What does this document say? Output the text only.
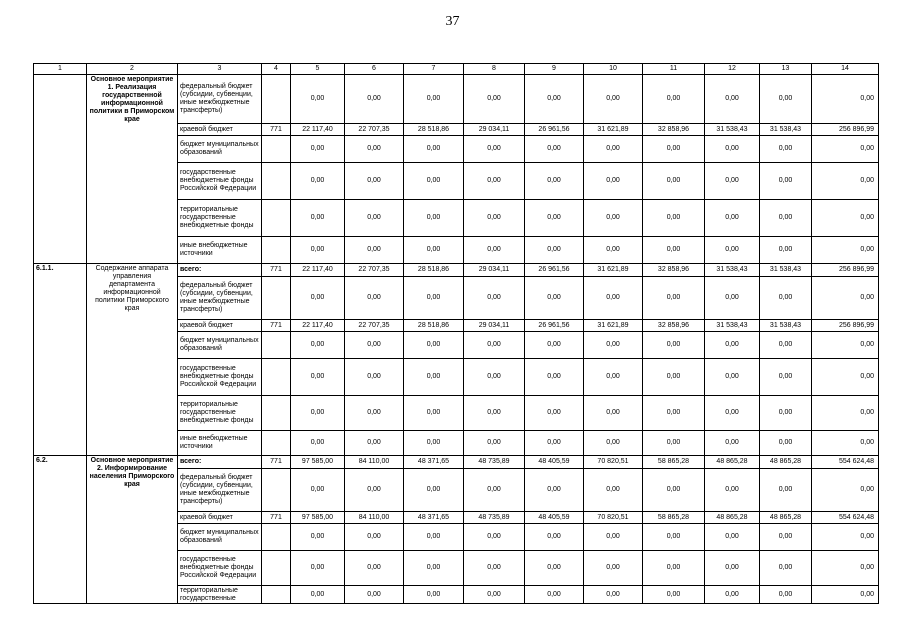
37
1	2	3	4	5	6	7	8	9	10	11	12	13	14
	Основное мероприятие 1. Реализация государственной информационной политики в Приморском крае	федеральный бюджет (субсидии, субвенции, иные межбюджетные трансферты)		0,00	0,00	0,00	0,00	0,00	0,00	0,00	0,00	0,00	0,00
		краевой бюджет	771	22 117,40	22 707,35	28 518,86	29 034,11	26 961,56	31 621,89	32 858,96	31 538,43	31 538,43	256 896,99
		бюджет муниципальных образований		0,00	0,00	0,00	0,00	0,00	0,00	0,00	0,00	0,00	0,00
		государственные внебюджетные фонды Российской Федерации		0,00	0,00	0,00	0,00	0,00	0,00	0,00	0,00	0,00	0,00
		территориальные государственные внебюджетные фонды		0,00	0,00	0,00	0,00	0,00	0,00	0,00	0,00	0,00	0,00
		иные внебюджетные источники		0,00	0,00	0,00	0,00	0,00	0,00	0,00	0,00	0,00	0,00
6.1.1.	Содержание аппарата управления департамента информационной политики Приморского края	всего:	771	22 117,40	22 707,35	28 518,86	29 034,11	26 961,56	31 621,89	32 858,96	31 538,43	31 538,43	256 896,99
		федеральный бюджет (субсидии, субвенции, иные межбюджетные трансферты)		0,00	0,00	0,00	0,00	0,00	0,00	0,00	0,00	0,00	0,00
		краевой бюджет	771	22 117,40	22 707,35	28 518,86	29 034,11	26 961,56	31 621,89	32 858,96	31 538,43	31 538,43	256 896,99
		бюджет муниципальных образований		0,00	0,00	0,00	0,00	0,00	0,00	0,00	0,00	0,00	0,00
		государственные внебюджетные фонды Российской Федерации		0,00	0,00	0,00	0,00	0,00	0,00	0,00	0,00	0,00	0,00
		территориальные государственные внебюджетные фонды		0,00	0,00	0,00	0,00	0,00	0,00	0,00	0,00	0,00	0,00
		иные внебюджетные источники		0,00	0,00	0,00	0,00	0,00	0,00	0,00	0,00	0,00	0,00
6.2.	Основное мероприятие 2. Информирование населения Приморского края	всего:	771	97 585,00	84 110,00	48 371,65	48 735,89	48 405,59	70 820,51	58 865,28	48 865,28	48 865,28	554 624,48
		федеральный бюджет (субсидии, субвенции, иные межбюджетные трансферты)		0,00	0,00	0,00	0,00	0,00	0,00	0,00	0,00	0,00	0,00
		краевой бюджет	771	97 585,00	84 110,00	48 371,65	48 735,89	48 405,59	70 820,51	58 865,28	48 865,28	48 865,28	554 624,48
		бюджет муниципальных образований		0,00	0,00	0,00	0,00	0,00	0,00	0,00	0,00	0,00	0,00
		государственные внебюджетные фонды Российской Федерации		0,00	0,00	0,00	0,00	0,00	0,00	0,00	0,00	0,00	0,00
		территориальные государственные		0,00	0,00	0,00	0,00	0,00	0,00	0,00	0,00	0,00	0,00
